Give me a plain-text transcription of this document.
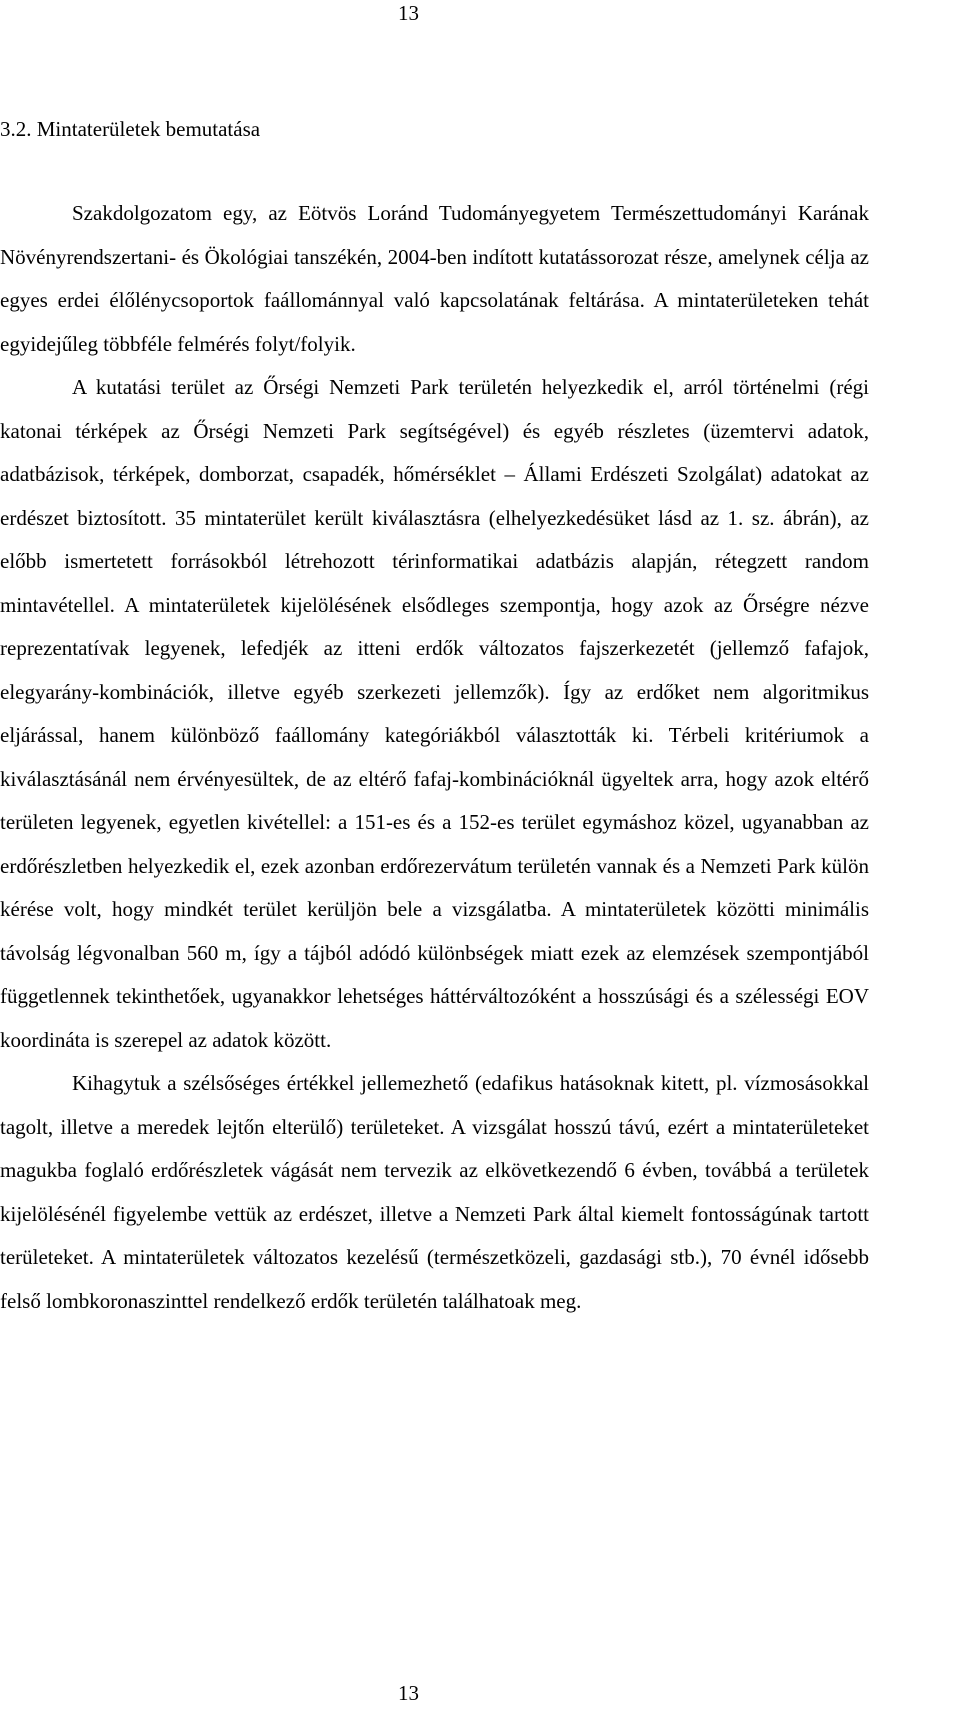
13
3.2. Mintaterületek bemutatása

Szakdolgozatom egy, az Eötvös Loránd Tudományegyetem Természettudományi Karának Növényrendszertani- és Ökológiai tanszékén, 2004-ben indított kutatássorozat része, amelynek célja az egyes erdei élőlénycsoportok faállománnyal való kapcsolatának feltárása. A mintaterületeken tehát egyidejűleg többféle felmérés folyt/folyik.

A kutatási terület az Őrségi Nemzeti Park területén helyezkedik el, arról történelmi (régi katonai térképek az Őrségi Nemzeti Park segítségével) és egyéb részletes (üzemtervi adatok, adatbázisok, térképek, domborzat, csapadék, hőmérséklet – Állami Erdészeti Szolgálat) adatokat az erdészet biztosított. 35 mintaterület került kiválasztásra (elhelyezkedésüket lásd az 1. sz. ábrán), az előbb ismertetett forrásokból létrehozott térinformatikai adatbázis alapján, rétegzett random mintavétellel. A mintaterületek kijelölésének elsődleges szempontja, hogy azok az Őrségre nézve reprezentatívak legyenek, lefedjék az itteni erdők változatos fajszerkezetét (jellemző fafajok, elegyarány-kombinációk, illetve egyéb szerkezeti jellemzők). Így az erdőket nem algoritmikus eljárással, hanem különböző faállomány kategóriákból választották ki. Térbeli kritériumok a kiválasztásánál nem érvényesültek, de az eltérő fafaj-kombinációknál ügyeltek arra, hogy azok eltérő területen legyenek, egyetlen kivétellel: a 151-es és a 152-es terület egymáshoz közel, ugyanabban az erdőrészletben helyezkedik el, ezek azonban erdőrezervátum területén vannak és a Nemzeti Park külön kérése volt, hogy mindkét terület kerüljön bele a vizsgálatba. A mintaterületek közötti minimális távolság légvonalban 560 m, így a tájból adódó különbségek miatt ezek az elemzések szempontjából függetlennek tekinthetőek, ugyanakkor lehetséges háttérváltozóként a hosszúsági és a szélességi EOV koordináta is szerepel az adatok között.

Kihagytuk a szélsőséges értékkel jellemezhető (edafikus hatásoknak kitett, pl. vízmosásokkal tagolt, illetve a meredek lejtőn elterülő) területeket. A vizsgálat hosszú távú, ezért a mintaterületeket magukba foglaló erdőrészletek vágását nem tervezik az elkövetkezendő 6 évben, továbbá a területek kijelölésénél figyelembe vettük az erdészet, illetve a Nemzeti Park által kiemelt fontosságúnak tartott területeket. A mintaterületek változatos kezelésű (természetközeli, gazdasági stb.), 70 évnél idősebb felső lombkoronaszinttel rendelkező erdők területén találhatoak meg.

13
